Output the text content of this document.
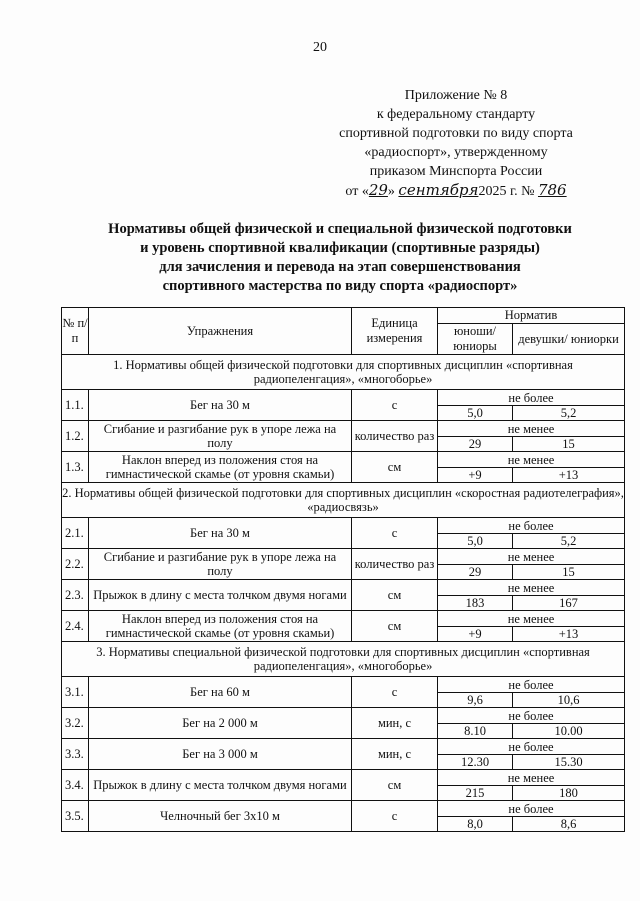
20
Приложение № 8
к федеральному стандарту
спортивной подготовки по виду спорта
«радиоспорт», утвержденному
приказом Минспорта России
от «29» сентября2025 г. № 786
Нормативы общей физической и специальной физической подготовки
и уровень спортивной квалификации (спортивные разряды)
для зачисления и перевода на этап совершенствования
спортивного мастерства по виду спорта «радиоспорт»
№ п/п	Упражнения	Единица измерения	Норматив	
			юноши/ юниоры	девушки/ юниорки
1. Нормативы общей физической подготовки для спортивных дисциплин «спортивная радиопеленгация», «многоборье»				
1.1.	Бег на 30 м	с	не более	
			5,0	5,2
1.2.	Сгибание и разгибание рук в упоре лежа на полу	количество раз	не менее	
			29	15
1.3.	Наклон вперед из положения стоя на гимнастической скамье (от уровня скамьи)	см	не менее	
			+9	+13
2. Нормативы общей физической подготовки для спортивных дисциплин «скоростная радиотелеграфия», «радиосвязь»				
2.1.	Бег на 30 м	с	не более	
			5,0	5,2
2.2.	Сгибание и разгибание рук в упоре лежа на полу	количество раз	не менее	
			29	15
2.3.	Прыжок в длину с места толчком двумя ногами	см	не менее	
			183	167
2.4.	Наклон вперед из положения стоя на гимнастической скамье (от уровня скамьи)	см	не менее	
			+9	+13
3. Нормативы специальной физической подготовки для спортивных дисциплин «спортивная радиопеленгация», «многоборье»				
3.1.	Бег на 60 м	с	не более	
			9,6	10,6
3.2.	Бег на 2 000 м	мин, с	не более	
			8.10	10.00
3.3.	Бег на 3 000 м	мин, с	не более	
			12.30	15.30
3.4.	Прыжок в длину с места толчком двумя ногами	см	не менее	
			215	180
3.5.	Челночный бег 3х10 м	с	не более	
			8,0	8,6
